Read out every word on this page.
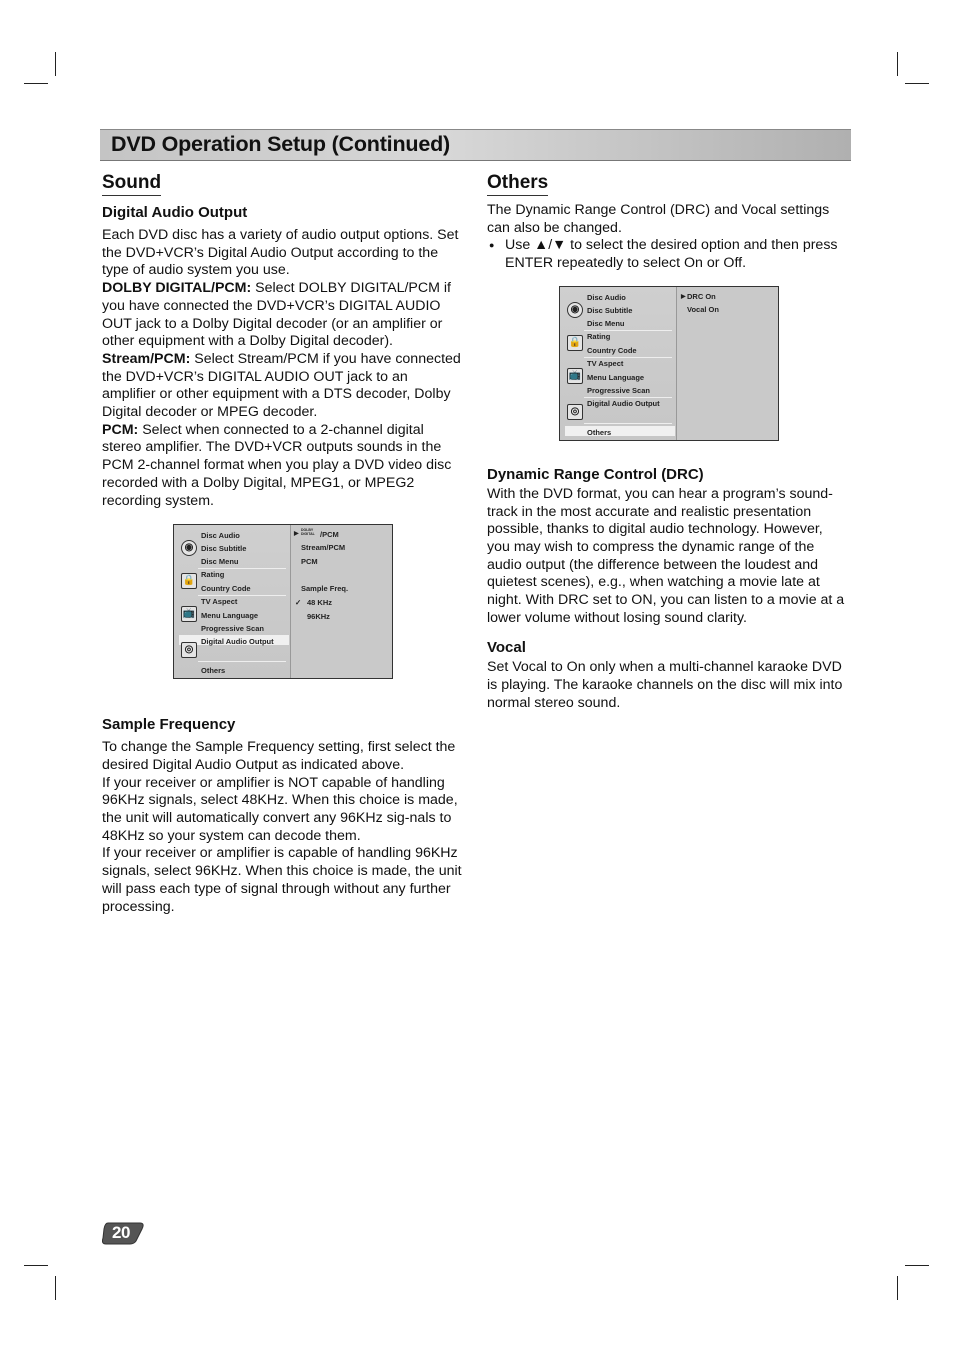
DVD Operation Setup (Continued)
Sound
Digital Audio Output

Each DVD disc has a variety of audio output options. Set the DVD+VCR’s Digital Audio Output according to the type of audio system you use.

DOLBY DIGITAL/PCM: Select DOLBY DIGITAL/PCM if you have connected the DVD+VCR’s DIGITAL AUDIO OUT jack to a Dolby Digital decoder (or an amplifier or other equipment with a Dolby Digital decoder).

Stream/PCM: Select Stream/PCM if you have connected the DVD+VCR’s DIGITAL AUDIO OUT jack to an amplifier or other equipment with a DTS decoder, Dolby Digital decoder or MPEG decoder.

PCM: Select when connected to a 2-channel digital stereo amplifier. The DVD+VCR outputs sounds in the PCM 2-channel format when you play a DVD video disc recorded with a Dolby Digital, MPEG1, or MPEG2 recording system.

Sample Frequency

To change the Sample Frequency setting, first select the desired Digital Audio Output as indicated above.

If your receiver or amplifier is NOT capable of handling 96KHz signals, select 48KHz. When this choice is made, the unit will automatically convert any 96KHz sig-nals to 48KHz so your system can decode them.

If your receiver or amplifier is capable of handling 96KHz signals, select 96KHz. When this choice is made, the unit will pass each type of signal through without any further processing.

◉
🔒
📺
◎
Disc Audio
Disc Subtitle
Disc Menu
Rating
Country Code
TV Aspect
Menu Language
Progressive Scan
Digital Audio Output
Others
▶
DOLBY DIGITAL /PCM
Stream/PCM
PCM
Sample Freq.
✓ 48 KHz
96KHz
Others

The Dynamic Range Control (DRC) and Vocal settings can also be changed.

● Use ▲/▼ to select the desired option and then press ENTER repeatedly to select On or Off.
Dynamic Range Control (DRC)

With the DVD format, you can hear a program’s sound-track in the most accurate and realistic presentation possible, thanks to digital audio technology. However, you may wish to compress the dynamic range of the audio output (the difference between the loudest and quietest scenes), e.g., when watching a movie late at night. With DRC set to ON, you can listen to a movie at a lower volume without losing sound clarity.

Vocal

Set Vocal to On only when a multi-channel karaoke DVD is playing. The karaoke channels on the disc will mix into normal stereo sound.

◉
🔒
📺
◎
Disc Audio
Disc Subtitle
Disc Menu
Rating
Country Code
TV Aspect
Menu Language
Progressive Scan
Digital Audio Output
Others
▶ DRC On
Vocal On
20
